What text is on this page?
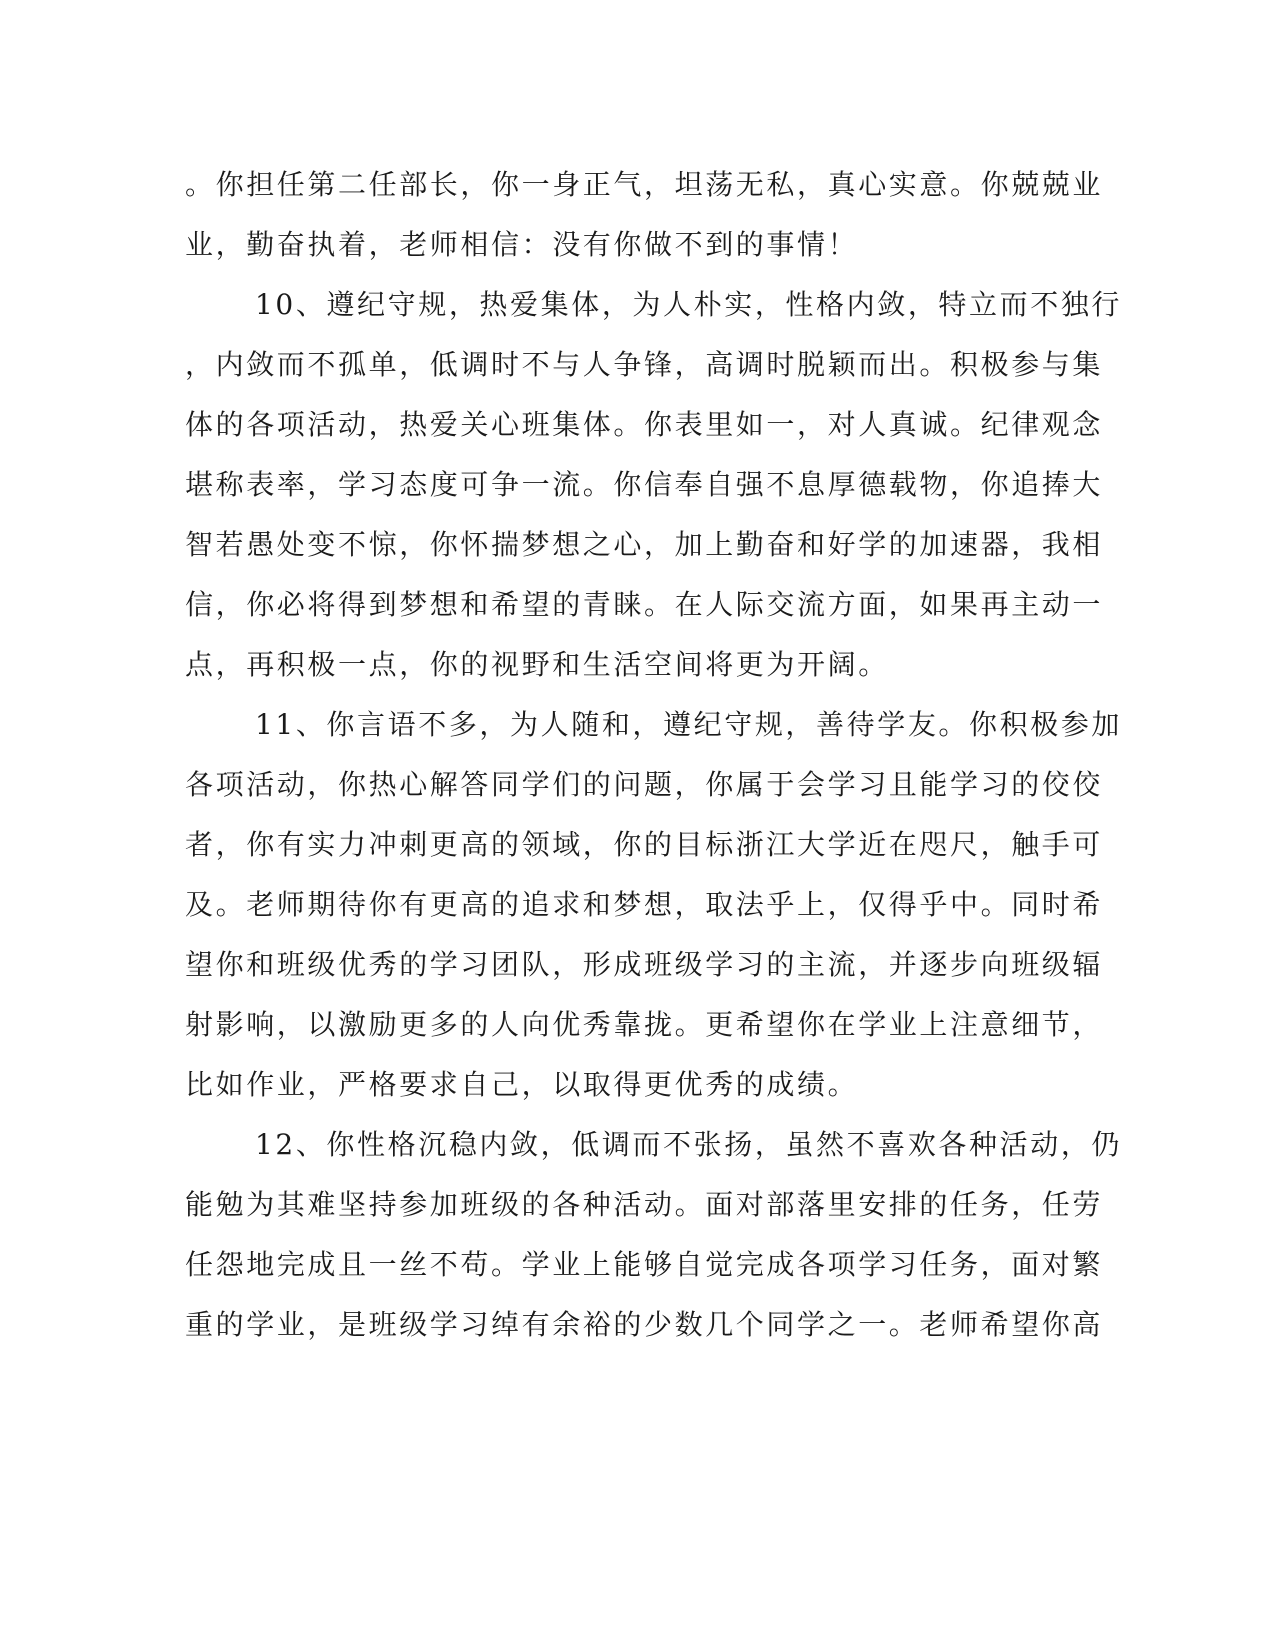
。你担任第二任部长，你一身正气，坦荡无私，真心实意。你兢兢业
业，勤奋执着，老师相信：没有你做不到的事情！
10、遵纪守规，热爱集体，为人朴实，性格内敛，特立而不独行
，内敛而不孤单，低调时不与人争锋，高调时脱颖而出。积极参与集
体的各项活动，热爱关心班集体。你表里如一，对人真诚。纪律观念
堪称表率，学习态度可争一流。你信奉自强不息厚德载物，你追捧大
智若愚处变不惊，你怀揣梦想之心，加上勤奋和好学的加速器，我相
信，你必将得到梦想和希望的青睐。在人际交流方面，如果再主动一
点，再积极一点，你的视野和生活空间将更为开阔。
11、你言语不多，为人随和，遵纪守规，善待学友。你积极参加
各项活动，你热心解答同学们的问题，你属于会学习且能学习的佼佼
者，你有实力冲刺更高的领域，你的目标浙江大学近在咫尺，触手可
及。老师期待你有更高的追求和梦想，取法乎上，仅得乎中。同时希
望你和班级优秀的学习团队，形成班级学习的主流，并逐步向班级辐
射影响，以激励更多的人向优秀靠拢。更希望你在学业上注意细节，
比如作业，严格要求自己，以取得更优秀的成绩。
12、你性格沉稳内敛，低调而不张扬，虽然不喜欢各种活动，仍
能勉为其难坚持参加班级的各种活动。面对部落里安排的任务，任劳
任怨地完成且一丝不苟。学业上能够自觉完成各项学习任务，面对繁
重的学业，是班级学习绰有余裕的少数几个同学之一。老师希望你高
